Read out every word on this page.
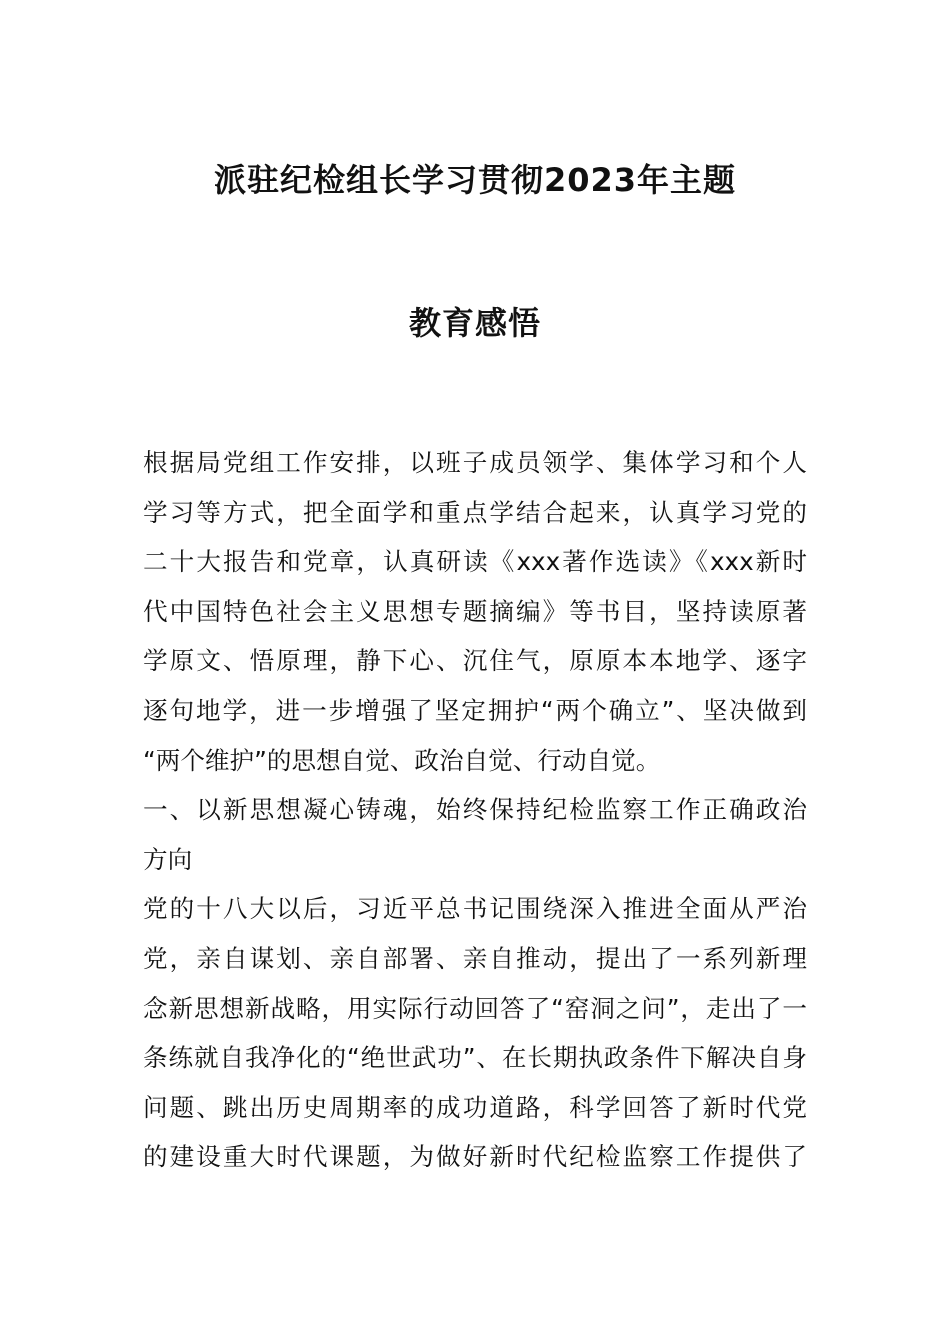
派驻纪检组长学习贯彻2023年主题
教育感悟
根据局党组工作安排，以班子成员领学、集体学习和个人
学习等方式，把全面学和重点学结合起来，认真学习党的
二十大报告和党章，认真研读《xxx著作选读》《xxx新时
代中国特色社会主义思想专题摘编》等书目，坚持读原著
学原文、悟原理，静下心、沉住气，原原本本地学、逐字
逐句地学，进一步增强了坚定拥护“两个确立”、坚决做到
“两个维护”的思想自觉、政治自觉、行动自觉。
一、以新思想凝心铸魂，始终保持纪检监察工作正确政治
方向
党的十八大以后，习近平总书记围绕深入推进全面从严治
党，亲自谋划、亲自部署、亲自推动，提出了一系列新理
念新思想新战略，用实际行动回答了“窑洞之问”，走出了一
条练就自我净化的“绝世武功”、在长期执政条件下解决自身
问题、跳出历史周期率的成功道路，科学回答了新时代党
的建设重大时代课题，为做好新时代纪检监察工作提供了
